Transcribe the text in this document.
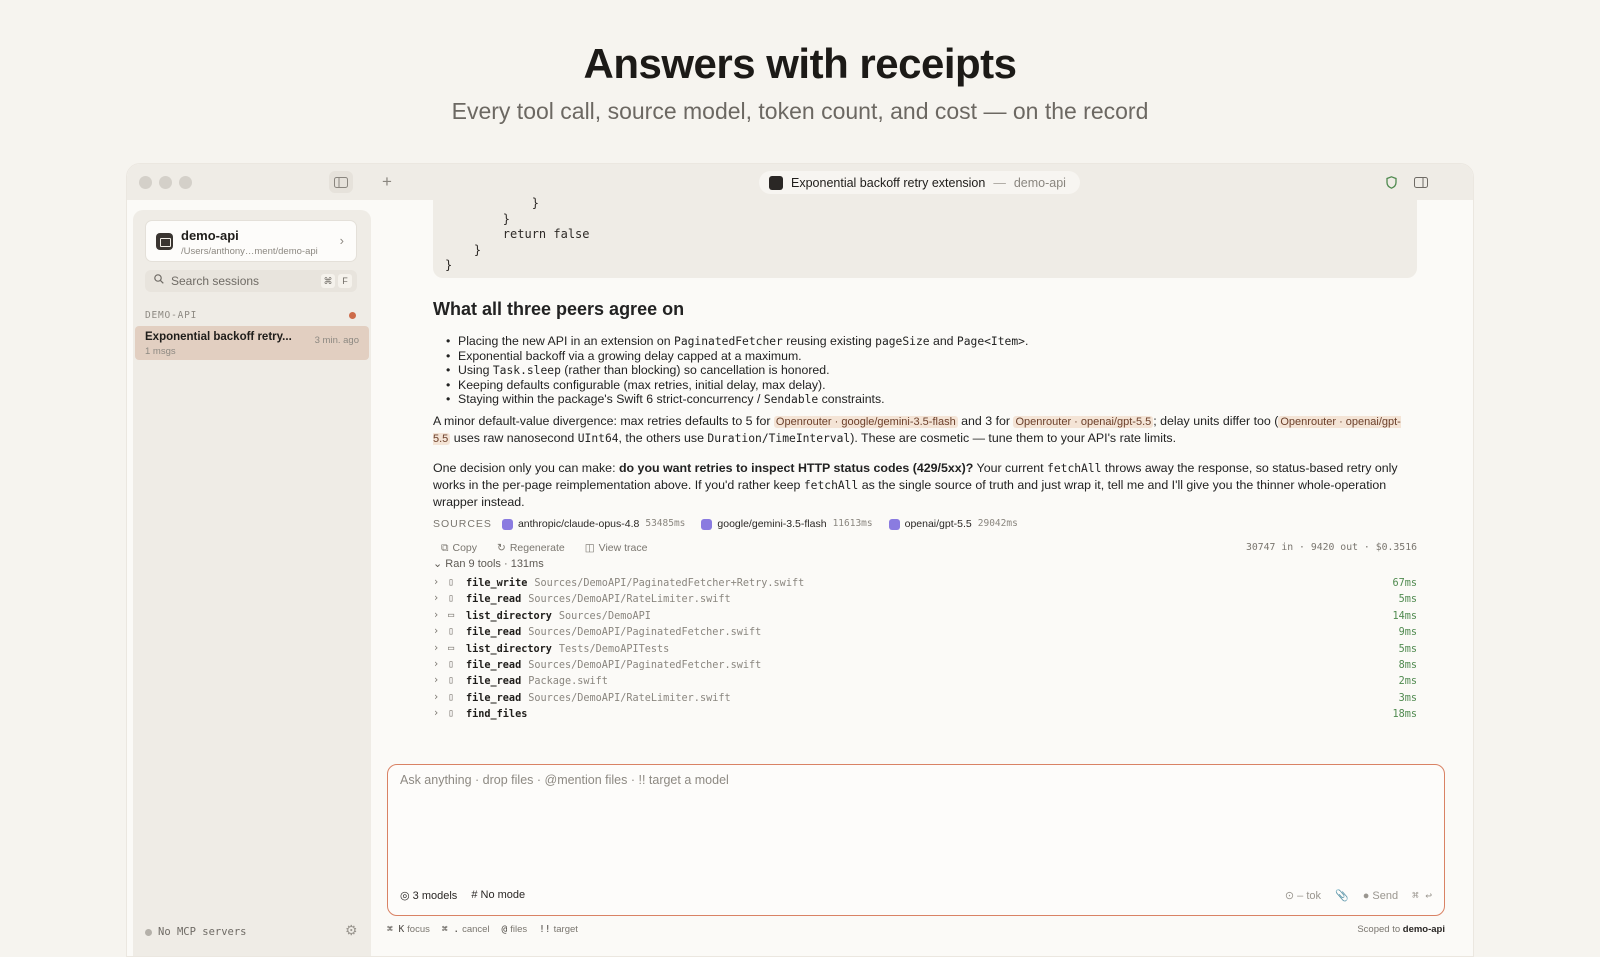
Answers with receipts
Every tool call, source model, token count, and cost — on the record
+	Exponential backoff retry extension — demo-api
demo-api
/Users/anthony…ment/demo-api
›
Search sessions	⌘	F
DEMO-API
Exponential backoff retry...
1 msgs
3 min. ago
No MCP servers	⚙
}
}
return false
}
}
What all three peers agree on
• Placing the new API in an extension on PaginatedFetcher reusing existing pageSize and Page<Item>.
• Exponential backoff via a growing delay capped at a maximum.
• Using Task.sleep (rather than blocking) so cancellation is honored.
• Keeping defaults configurable (max retries, initial delay, max delay).
• Staying within the package's Swift 6 strict-concurrency / Sendable constraints.

A minor default-value divergence: max retries defaults to 5 for Openrouter · google/gemini-3.5-flash and 3 for Openrouter · openai/gpt-5.5 ; delay units differ too ( Openrouter · openai/gpt-5.5 uses raw nanosecond UInt64, the others use Duration/TimeInterval). These are cosmetic — tune them to your API's rate limits.

One decision only you can make: do you want retries to inspect HTTP status codes (429/5xx)? Your current fetchAll throws away the response, so status-based retry only works in the per-page reimplementation above. If you'd rather keep fetchAll as the single source of truth and just wrap it, tell me and I'll give you the thinner whole-operation wrapper instead.

SOURCES anthropic/claude-opus-4.8 53485ms	google/gemini-3.5-flash 11613ms	openai/gpt-5.5 29042ms
⧉ Copy ↻ Regenerate ◫ View trace	30747 in · 9420 out · $0.3516
⌄ Ran 9 tools · 131ms
› ▯ file_write Sources/DemoAPI/PaginatedFetcher+Retry.swift	67ms
› ▯ file_read Sources/DemoAPI/RateLimiter.swift	5ms
› ▭ list_directory Sources/DemoAPI	14ms
› ▯ file_read Sources/DemoAPI/PaginatedFetcher.swift	9ms
› ▭ list_directory Tests/DemoAPITests	5ms
› ▯ file_read Sources/DemoAPI/PaginatedFetcher.swift	8ms
› ▯ file_read Package.swift	2ms
› ▯ file_read Sources/DemoAPI/RateLimiter.swift	3ms
› ▯ find_files	18ms
Ask anything · drop files · @mention files · !! target a model
◎ 3 models # No mode	⊙ – tok 📎 ● Send ⌘ ↩
⌘ K focus ⌘ . cancel @ files !! target	Scoped to demo-api
